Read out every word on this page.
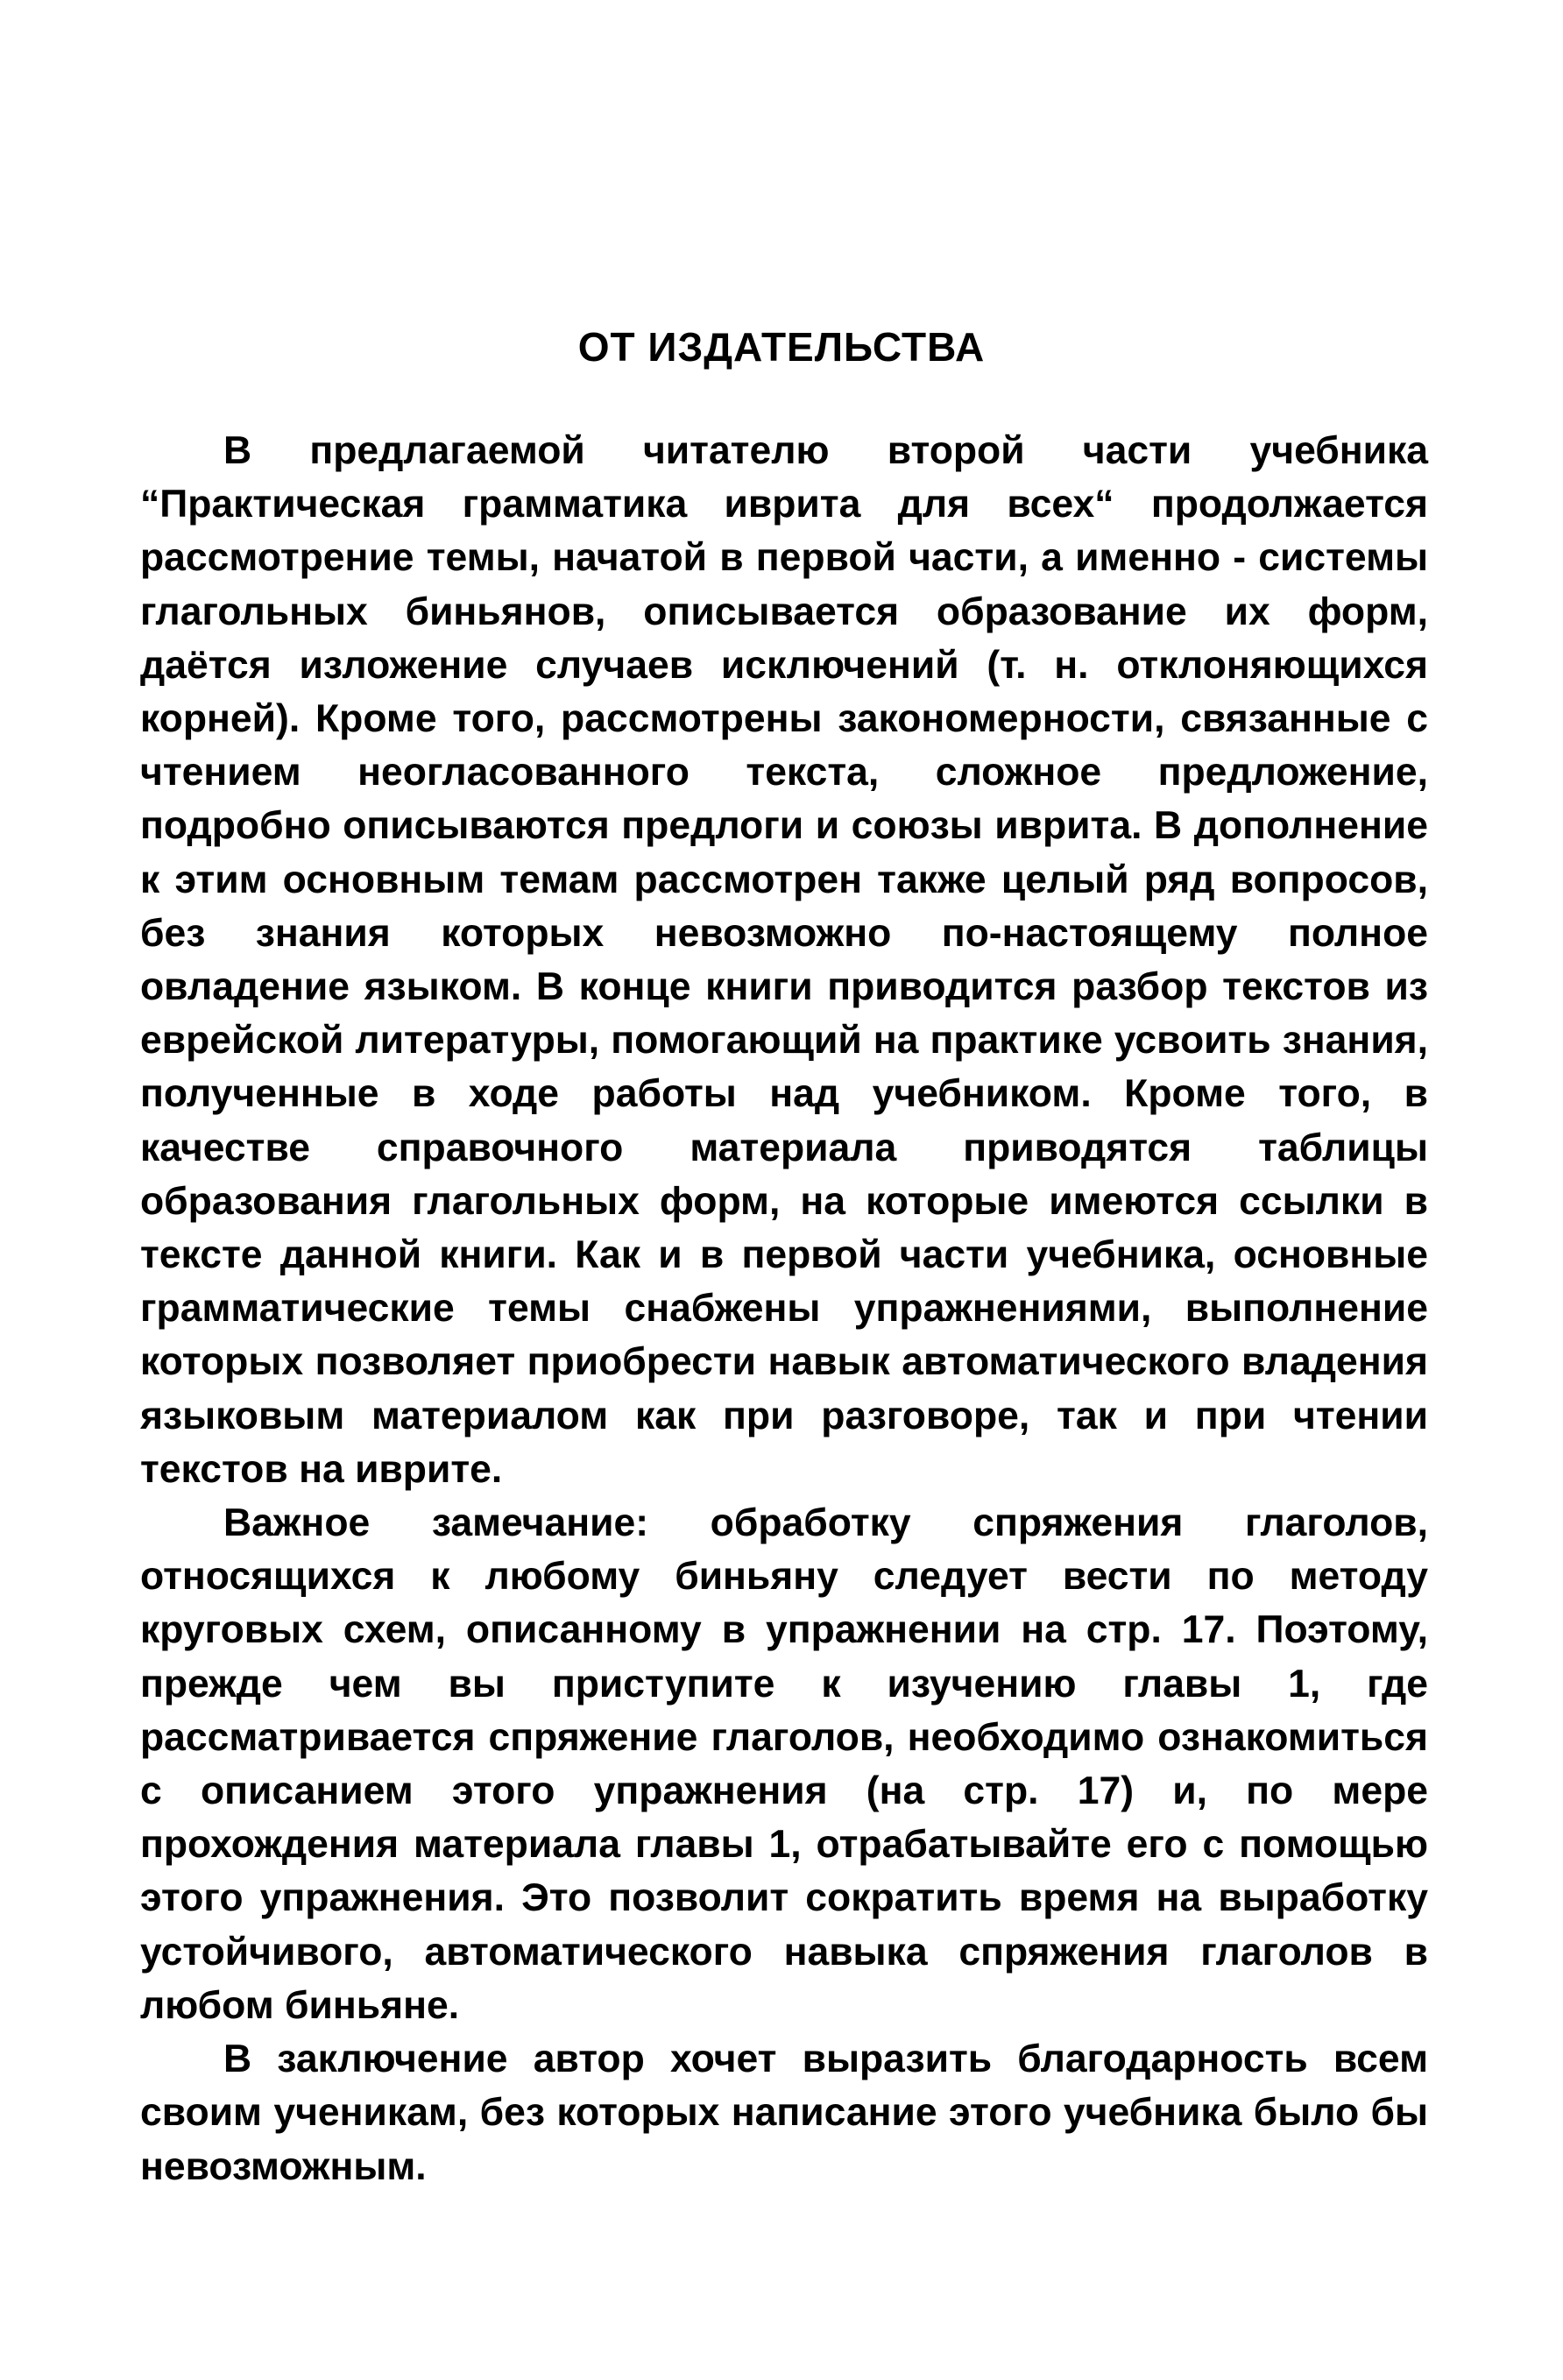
ОТ ИЗДАТЕЛЬСТВА

В предлагаемой читателю второй части учебника “Практическая грамматика иврита для всех“ продолжается рассмотрение темы, начатой в первой части, а именно - системы глагольных биньянов, описывается образование их форм, даётся изложение случаев исключений (т. н. отклоняющихся корней). Кроме того, рассмотрены закономерности, связанные с чтением неогласованного текста, сложное предложение, подробно описываются предлоги и союзы иврита. В дополнение к этим основным темам рассмотрен также целый ряд вопросов, без знания которых невозможно по-настоящему полное овладение языком. В конце книги приводится разбор текстов из еврейской литературы, помогающий на практике усвоить знания, полученные в ходе работы над учебником. Кроме того, в качестве справочного материала приводятся таблицы образования глагольных форм, на которые имеются ссылки в тексте данной книги. Как и в первой части учебника, основные грамматические темы снабжены упражнениями, выполнение которых позволяет приобрести навык автоматического владения языковым материалом как при разговоре, так и при чтении текстов на иврите.

Важное замечание: обработку спряжения глаголов, относящихся к любому биньяну следует вести по методу круговых схем, описанному в упражнении на стр. 17. Поэтому, прежде чем вы приступите к изучению главы 1, где рассматривается спряжение глаголов, необходимо ознакомиться с описанием этого упражнения (на стр. 17) и, по мере прохождения материала главы 1, отрабатывайте его с помощью этого упражнения. Это позволит сократить время на выработку устойчивого, автоматического навыка спряжения глаголов в любом биньяне.

В заключение автор хочет выразить благодарность всем своим ученикам, без которых написание этого учебника было бы невозможным.
